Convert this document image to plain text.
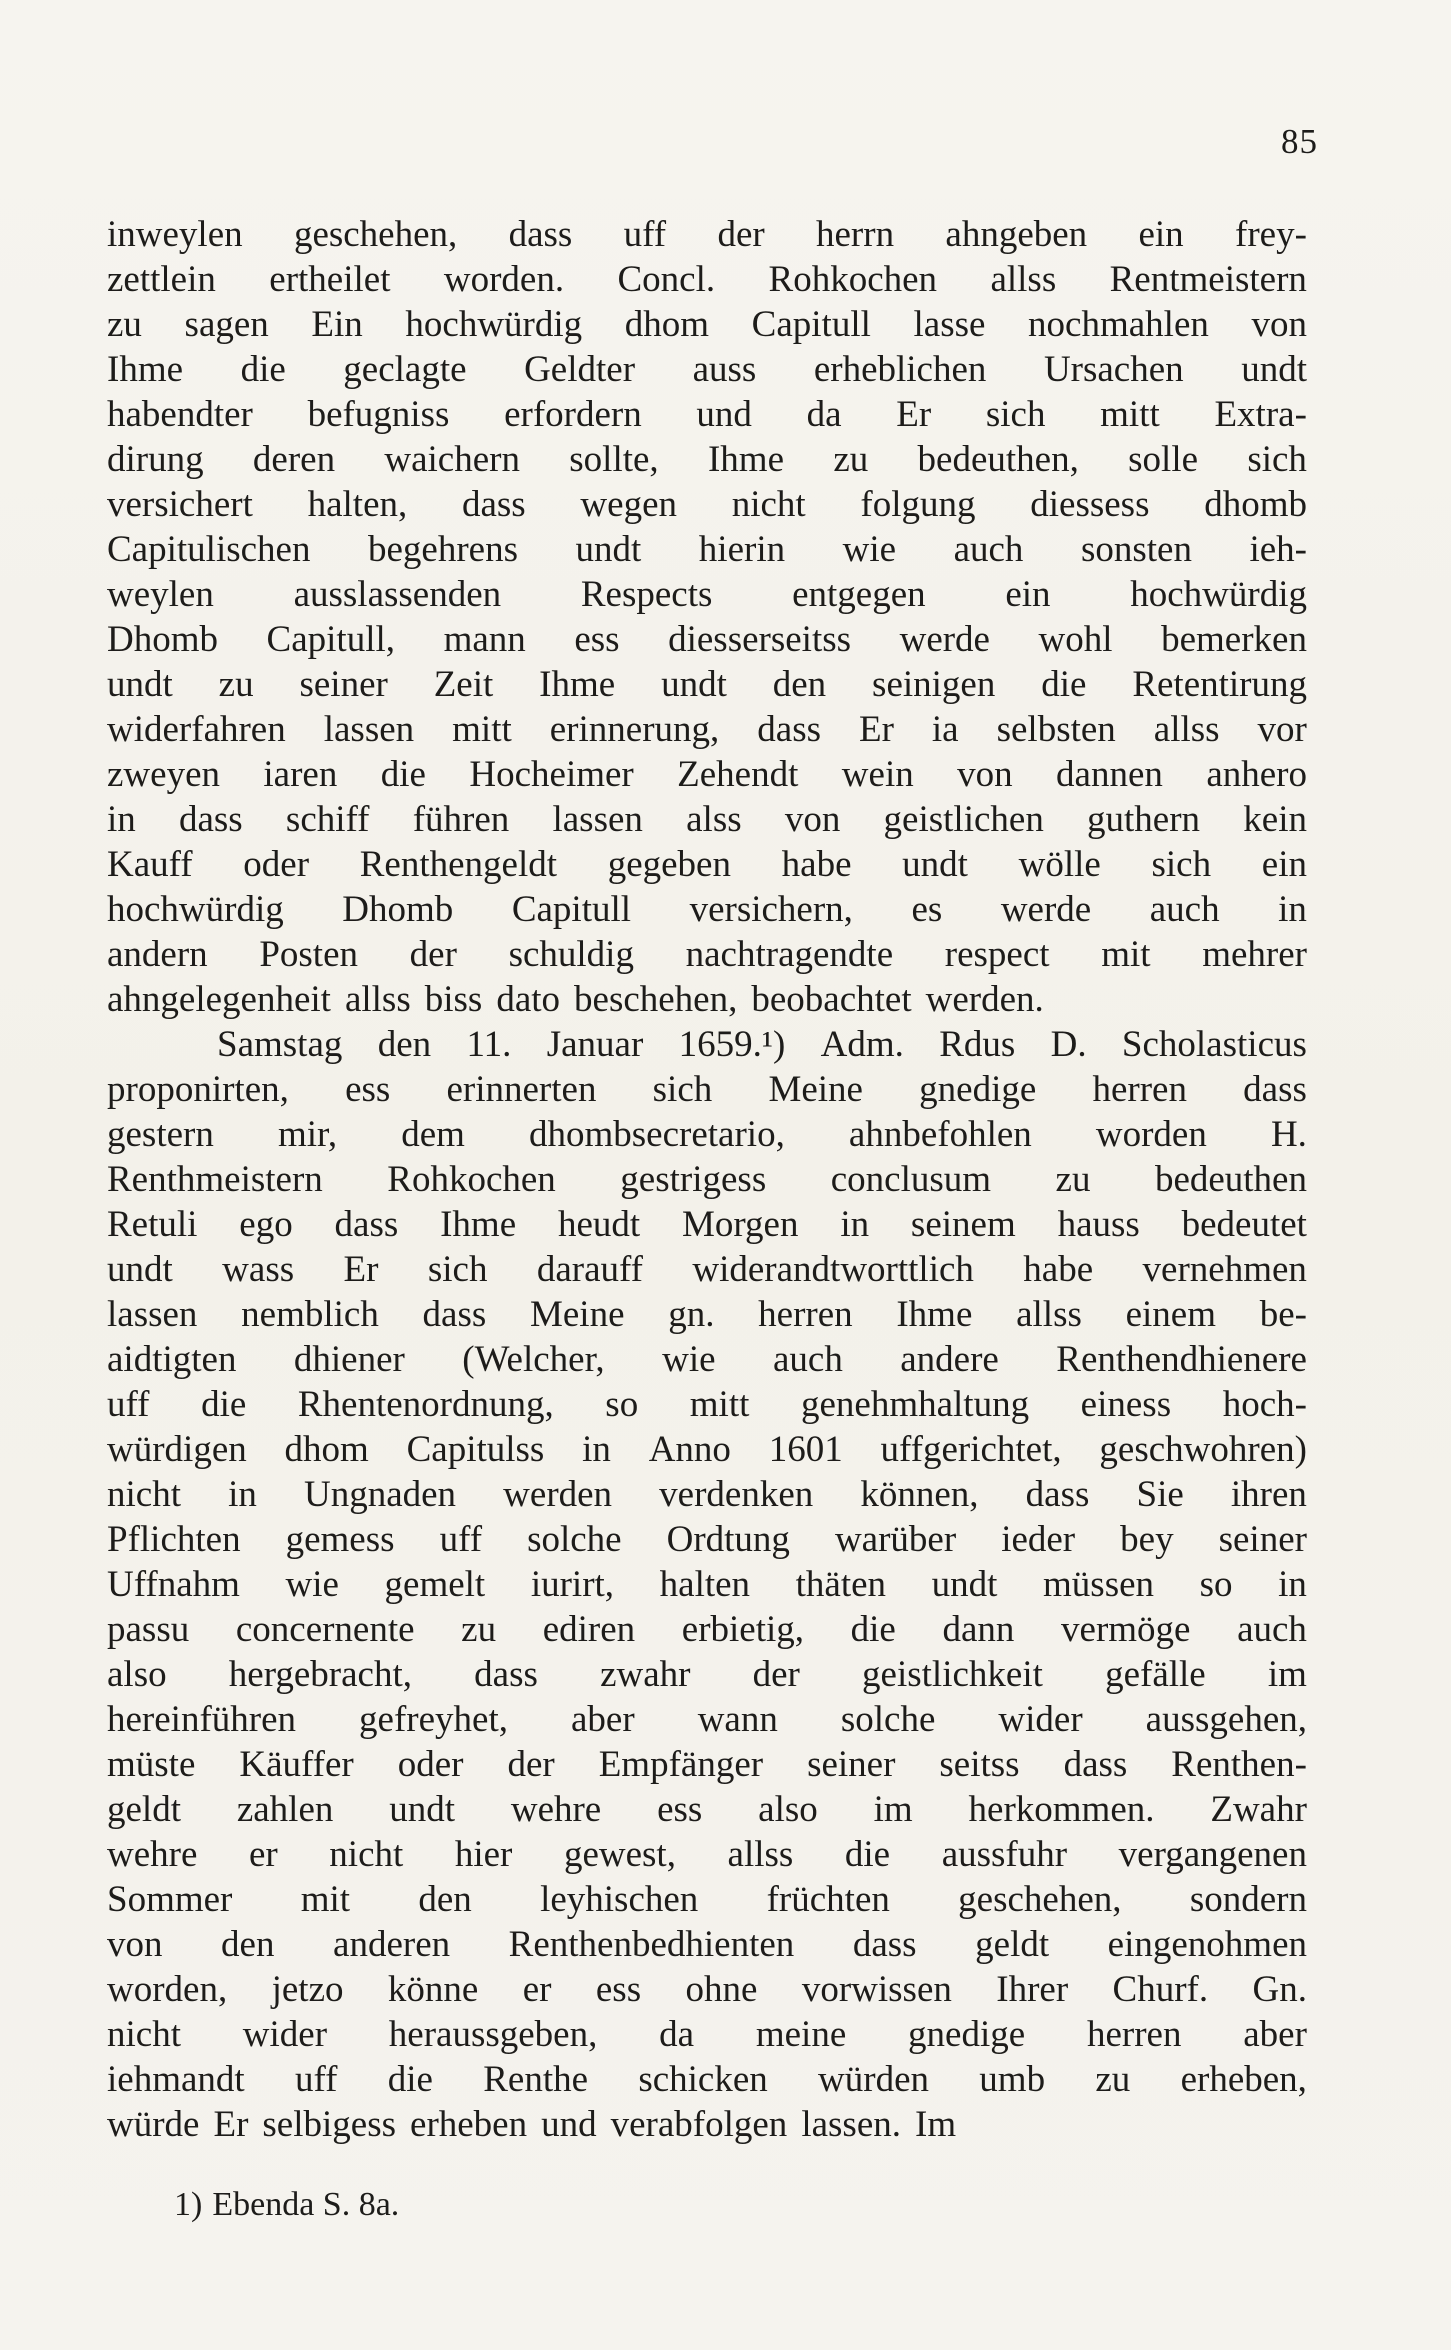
85
inweylen geschehen, dass uff der herrn ahngeben ein frey-
zettlein ertheilet worden. Concl. Rohkochen allss Rentmeistern
zu sagen Ein hochwürdig dhom Capitull lasse nochmahlen von
Ihme die geclagte Geldter auss erheblichen Ursachen undt
habendter befugniss erfordern und da Er sich mitt Extra-
dirung deren waichern sollte, Ihme zu bedeuthen, solle sich
versichert halten, dass wegen nicht folgung diessess dhomb
Capitulischen begehrens undt hierin wie auch sonsten ieh-
weylen ausslassenden Respects entgegen ein hochwürdig
Dhomb Capitull, mann ess diesserseitss werde wohl bemerken
undt zu seiner Zeit Ihme undt den seinigen die Retentirung
widerfahren lassen mitt erinnerung, dass Er ia selbsten allss vor
zweyen iaren die Hocheimer Zehendt wein von dannen anhero
in dass schiff führen lassen alss von geistlichen guthern kein
Kauff oder Renthengeldt gegeben habe undt wölle sich ein
hochwürdig Dhomb Capitull versichern, es werde auch in
andern Posten der schuldig nachtragendte respect mit mehrer
ahngelegenheit allss biss dato beschehen, beobachtet werden.
Samstag den 11. Januar 1659.¹) Adm. Rdus D. Scholasticus
proponirten, ess erinnerten sich Meine gnedige herren dass
gestern mir, dem dhombsecretario, ahnbefohlen worden H.
Renthmeistern Rohkochen gestrigess conclusum zu bedeuthen
Retuli ego dass Ihme heudt Morgen in seinem hauss bedeutet
undt wass Er sich darauff widerandtworttlich habe vernehmen
lassen nemblich dass Meine gn. herren Ihme allss einem be-
aidtigten dhiener (Welcher, wie auch andere Renthendhienere
uff die Rhentenordnung, so mitt genehmhaltung einess hoch-
würdigen dhom Capitulss in Anno 1601 uffgerichtet, geschwohren)
nicht in Ungnaden werden verdenken können, dass Sie ihren
Pflichten gemess uff solche Ordtung warüber ieder bey seiner
Uffnahm wie gemelt iurirt, halten thäten undt müssen so in
passu concernente zu ediren erbietig, die dann vermöge auch
also hergebracht, dass zwahr der geistlichkeit gefälle im
hereinführen gefreyhet, aber wann solche wider aussgehen,
müste Käuffer oder der Empfänger seiner seitss dass Renthen-
geldt zahlen undt wehre ess also im herkommen. Zwahr
wehre er nicht hier gewest, allss die aussfuhr vergangenen
Sommer mit den leyhischen früchten geschehen, sondern
von den anderen Renthenbedhienten dass geldt eingenohmen
worden, jetzo könne er ess ohne vorwissen Ihrer Churf. Gn.
nicht wider heraussgeben, da meine gnedige herren aber
iehmandt uff die Renthe schicken würden umb zu erheben,
würde Er selbigess erheben und verabfolgen lassen. Im
1) Ebenda S. 8a.
